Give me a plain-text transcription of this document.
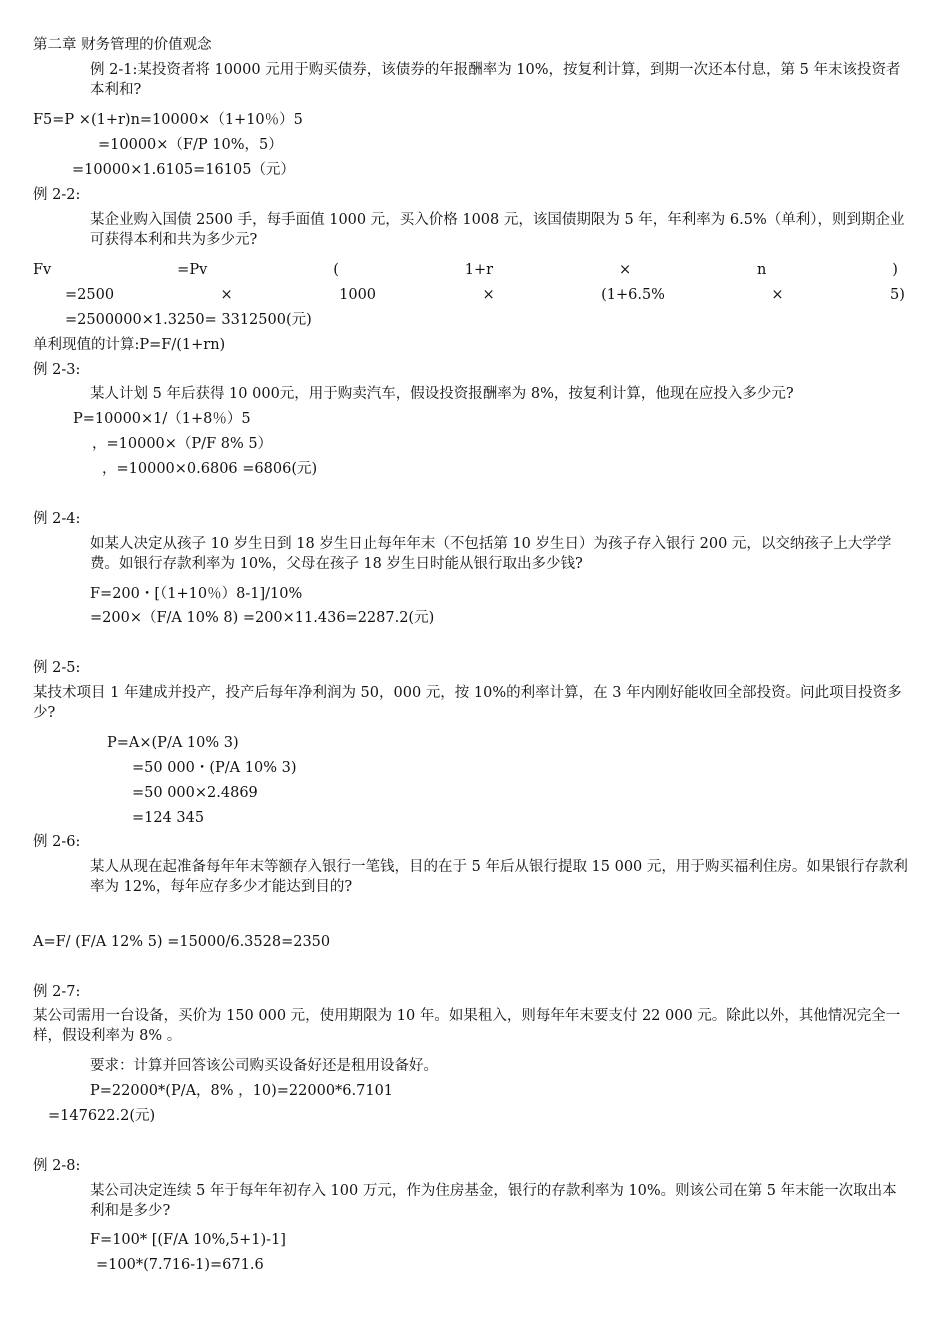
第二章 财务管理的价值观念
例 2-1:某投资者将 10000 元用于购买债券，该债券的年报酬率为 10%，按复利计算，到期一次还本付息，第 5 年末该投资者本利和?
F5=P ×(1+r)n=10000×（1+10％）5
=10000×（F/P 10%，5）
=10000×1.6105=16105（元）
例 2-2:
某企业购入国债 2500 手，每手面值 1000 元，买入价格 1008 元，该国债期限为 5 年，年利率为 6.5%（单利），则到期企业可获得本利和共为多少元?
Fv	=Pv	(	1+r	×	n	)
=2500	×	1000	×	(1+6.5%	×	5)
=2500000×1.3250= 3312500(元)
单利现值的计算:P=F/(1+rn)
例 2-3:
某人计划 5 年后获得 10 000元，用于购卖汽车，假设投资报酬率为 8%，按复利计算，他现在应投入多少元?
P=10000×1/（1+8％）5
，=10000×（P/F 8% 5）
，=10000×0.6806 =6806(元)
例 2-4:
如某人决定从孩子 10 岁生日到 18 岁生日止每年年末（不包括第 10 岁生日）为孩子存入银行 200 元，以交纳孩子上大学学费。如银行存款利率为 10%，父母在孩子 18 岁生日时能从银行取出多少钱?
F=200・[（1+10％）8-1]/10%
=200×（F/A 10% 8) =200×11.436=2287.2(元)
例 2-5:
某技术项目 1 年建成并投产，投产后每年净利润为 50，000 元，按 10%的利率计算，在 3 年内刚好能收回全部投资。问此项目投资多少?
P=A×(P/A 10% 3)
=50 000・(P/A 10% 3)
=50 000×2.4869
=124 345
例 2-6:
某人从现在起准备每年年末等额存入银行一笔钱，目的在于 5 年后从银行提取 15 000 元，用于购买福利住房。如果银行存款利率为 12%，每年应存多少才能达到目的?
A=F/ (F/A 12% 5) =15000/6.3528=2350
例 2-7:
某公司需用一台设备，买价为 150 000 元，使用期限为 10 年。如果租入，则每年年末要支付 22 000 元。除此以外，其他情况完全一样，假设利率为 8% 。
要求：计算并回答该公司购买设备好还是租用设备好。
P=22000*(P/A，8% ，10)=22000*6.7101
=147622.2(元)
例 2-8:
某公司决定连续 5 年于每年年初存入 100 万元，作为住房基金，银行的存款利率为 10%。则该公司在第 5 年末能一次取出本利和是多少?
F=100* [(F/A 10%,5+1)-1]
=100*(7.716-1)=671.6
